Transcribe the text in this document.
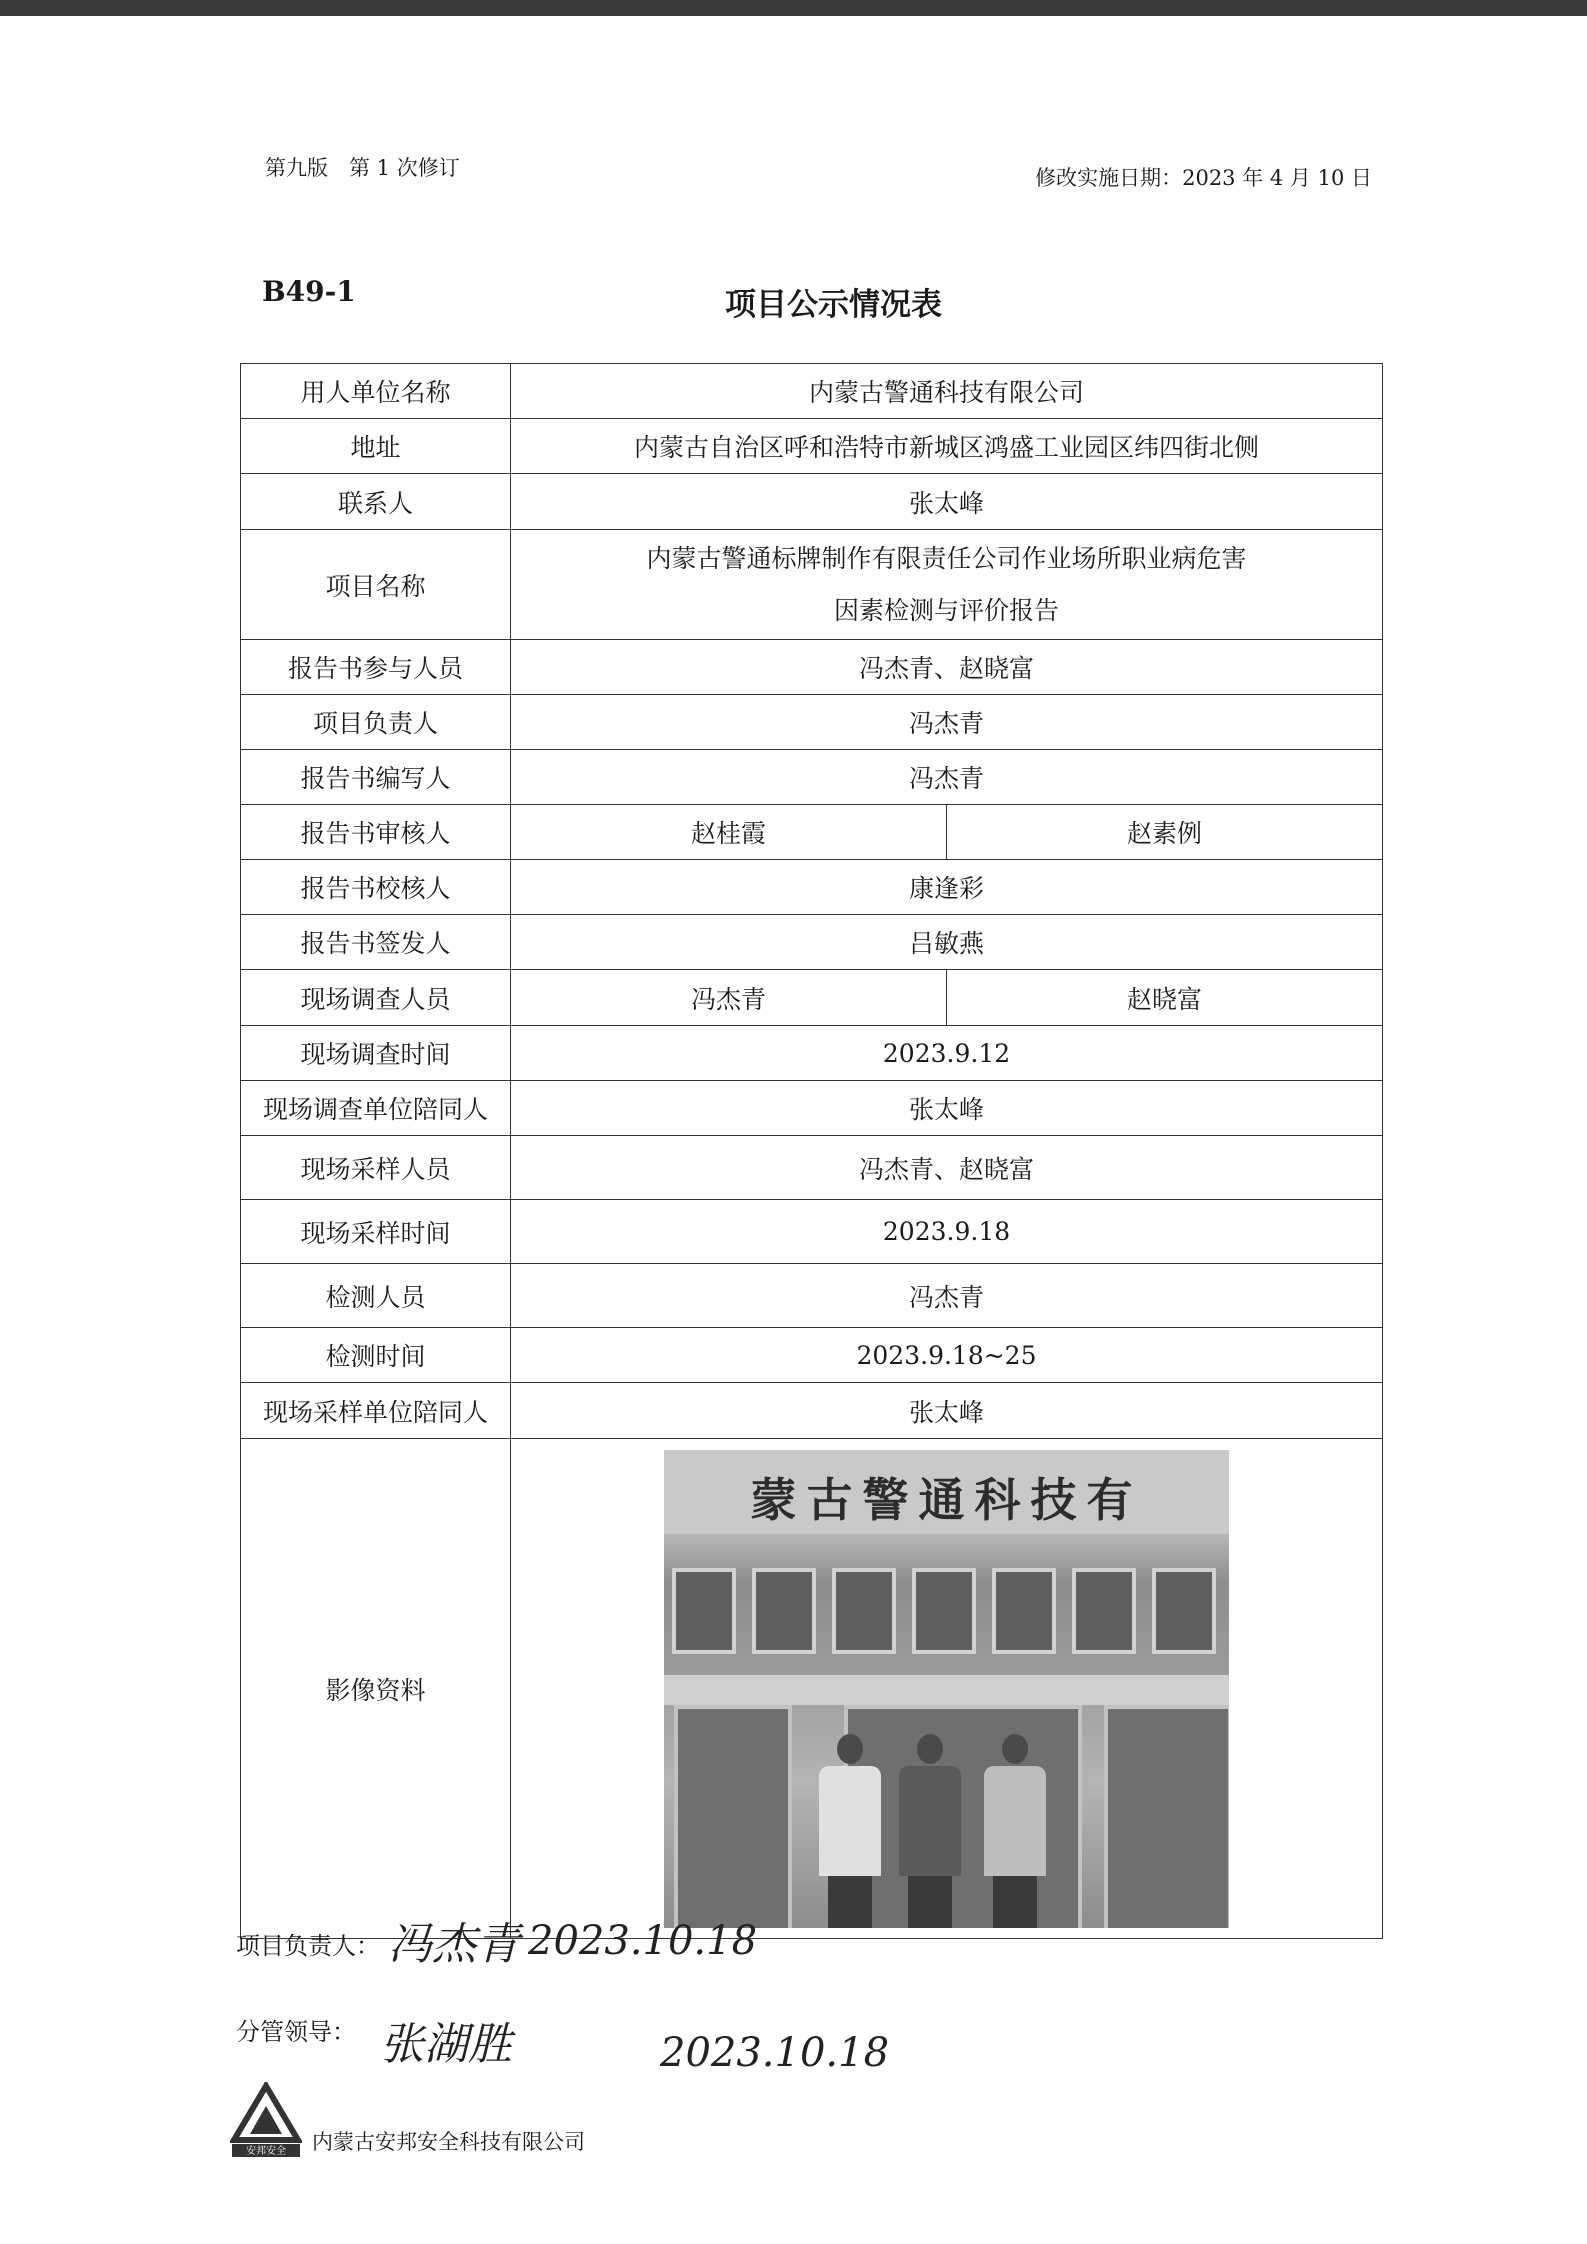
第九版　第 1 次修订	修改实施日期：2023 年 4 月 10 日
B49-1	项目公示情况表
用人单位名称	内蒙古警通科技有限公司	
地址	内蒙古自治区呼和浩特市新城区鸿盛工业园区纬四街北侧	
联系人	张太峰	
项目名称	内蒙古警通标牌制作有限责任公司作业场所职业病危害
因素检测与评价报告	

报告书参与人员	冯杰青、赵晓富	
项目负责人	冯杰青	
报告书编写人	冯杰青	
报告书审核人	赵桂霞	赵素例
报告书校核人	康逢彩	
报告书签发人	吕敏燕	
现场调查人员	冯杰青	赵晓富
现场调查时间	2023.9.12	
现场调查单位陪同人	张太峰	
现场采样人员	冯杰青、赵晓富	
现场采样时间	2023.9.18	
检测人员	冯杰青	
检测时间	2023.9.18~25	
现场采样单位陪同人	张太峰	
影像资料	蒙古警通科技有	
项目负责人： 冯杰青 2023.10.18
分管领导： 张湖胜	2023.10.18
安邦安全 内蒙古安邦安全科技有限公司
